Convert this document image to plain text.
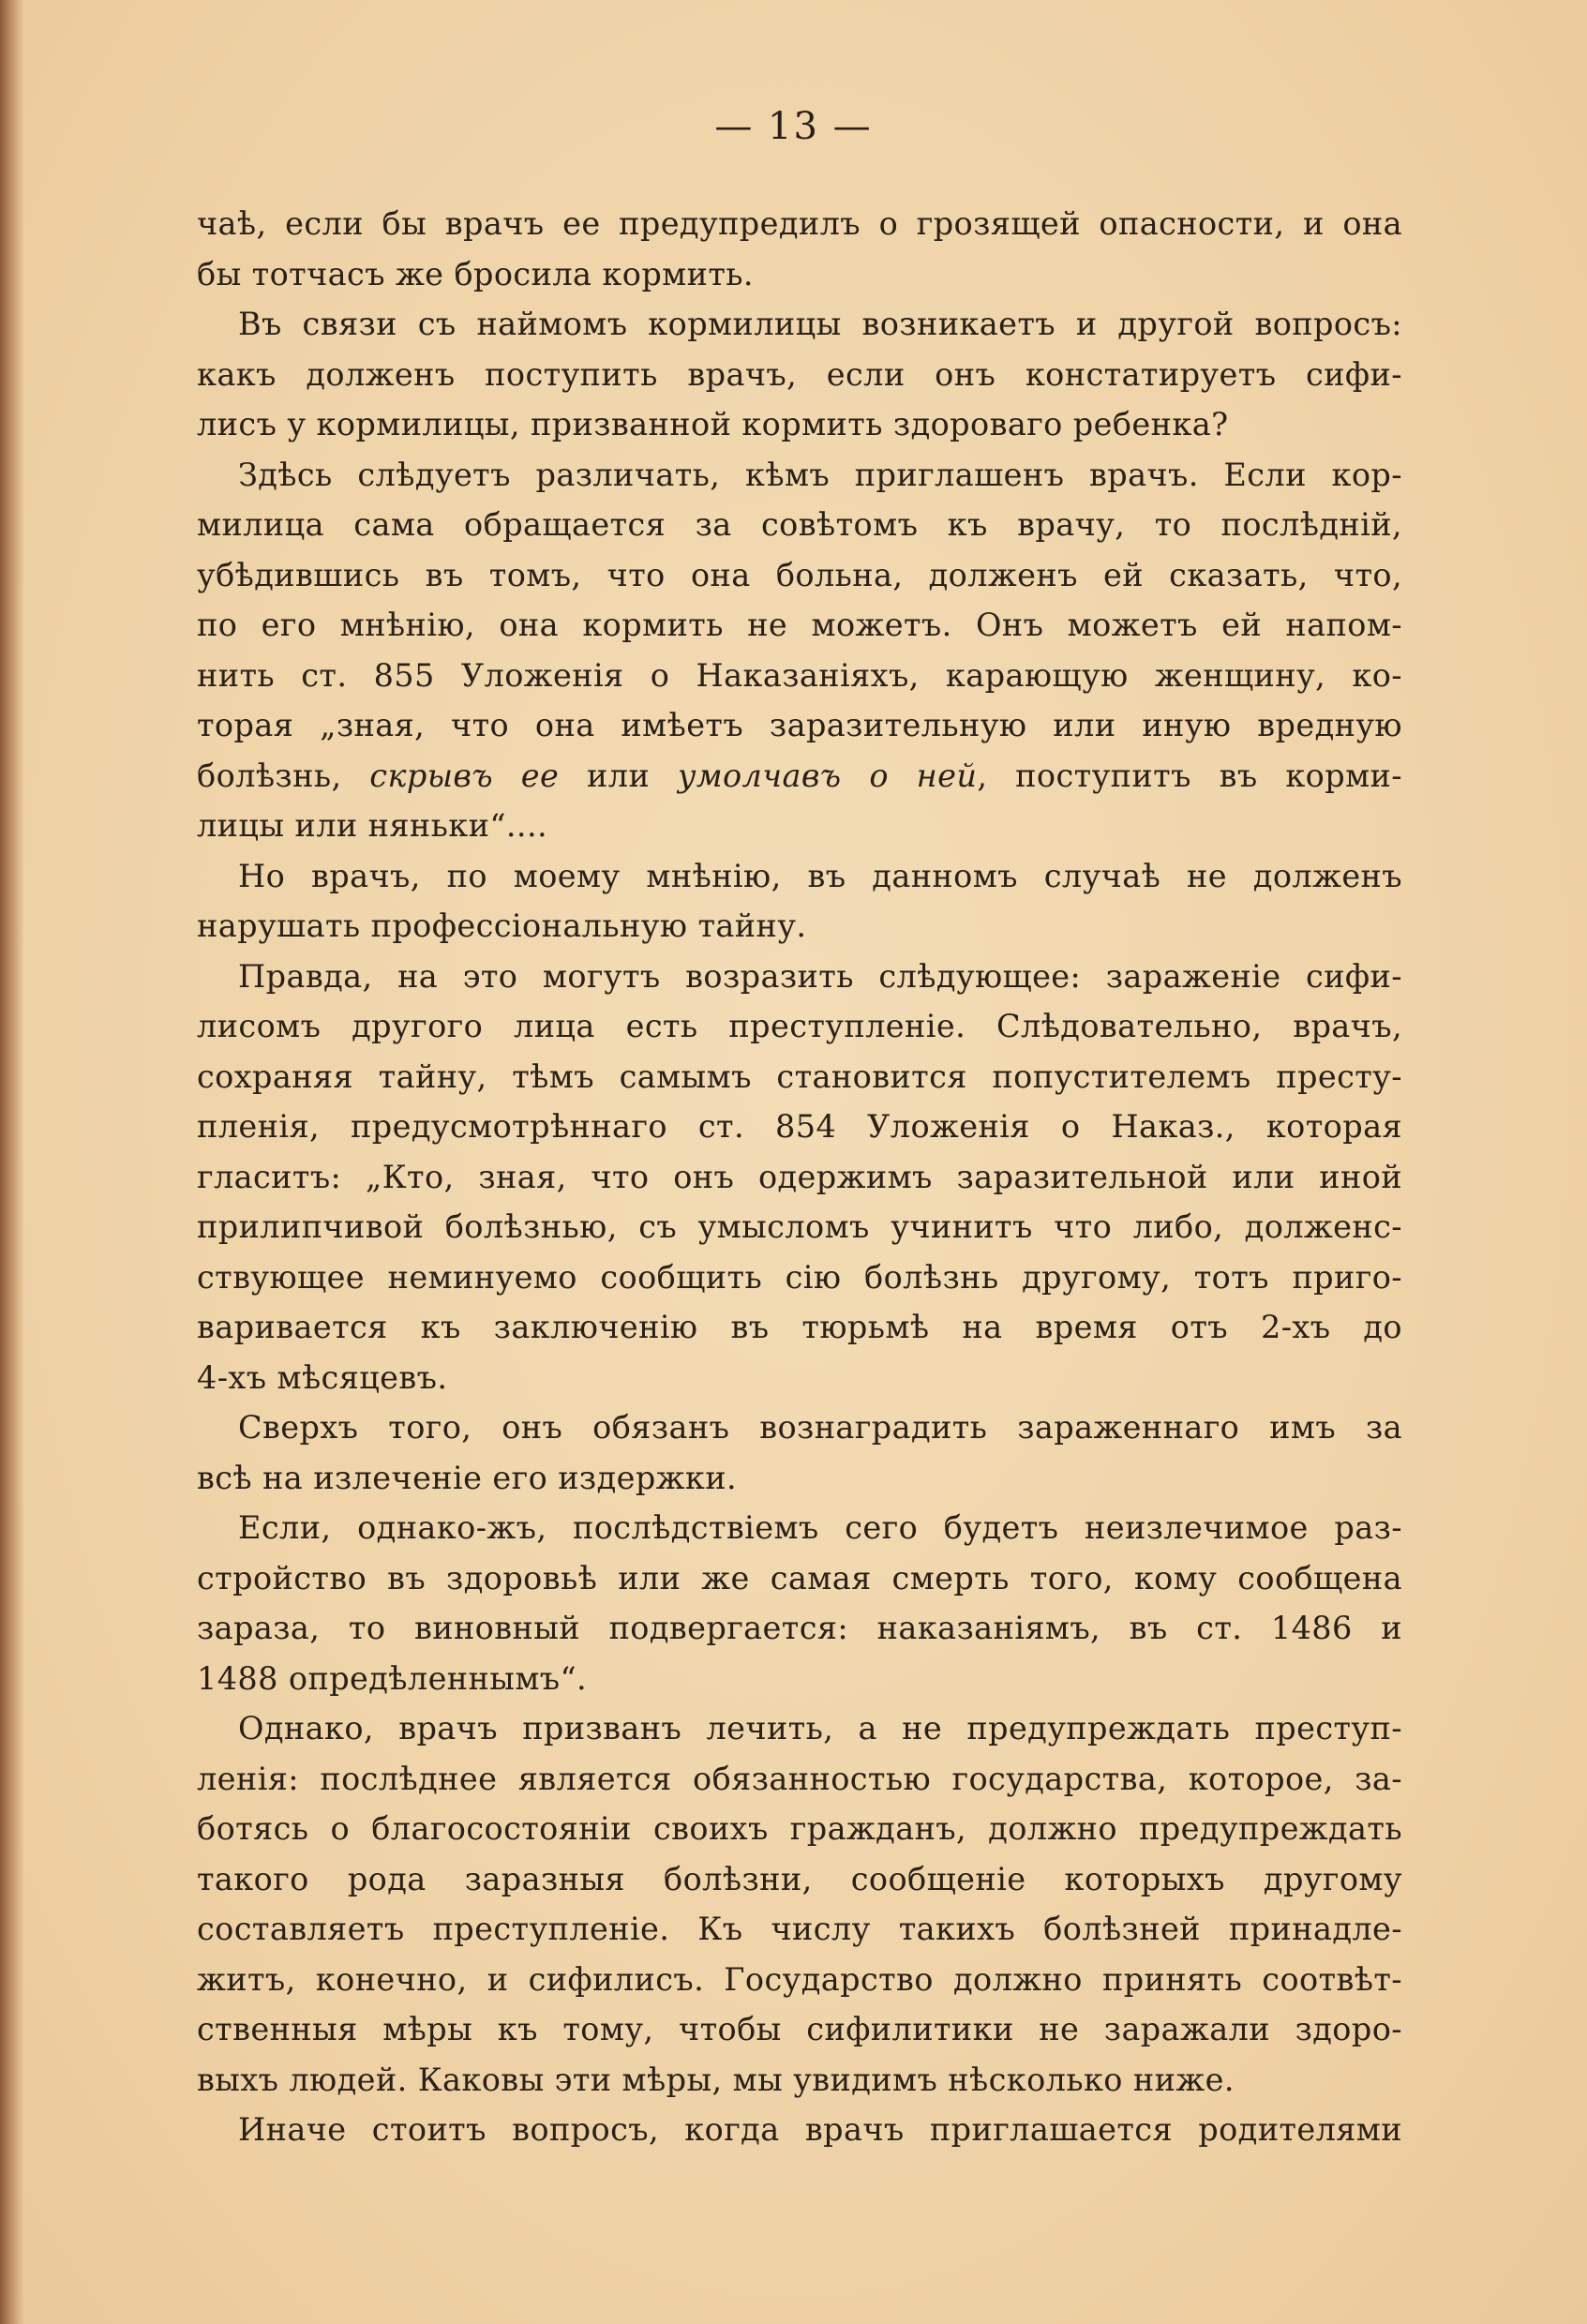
— 13 —
чаѣ, если бы врачъ ее предупредилъ о грозящей опасности, и она
бы тотчасъ же бросила кормить.
Въ связи съ наймомъ кормилицы возникаетъ и другой вопросъ:
какъ долженъ поступить врачъ, если онъ констатируетъ сифи-
лисъ у кормилицы, призванной кормить здороваго ребенка?
Здѣсь слѣдуетъ различать, кѣмъ приглашенъ врачъ. Если кор-
милица сама обращается за совѣтомъ къ врачу, то послѣдній,
убѣдившись въ томъ, что она больна, долженъ ей сказать, что,
по его мнѣнію, она кормить не можетъ. Онъ можетъ ей напом-
нить ст. 855 Уложенія о Наказаніяхъ, карающую женщину, ко-
торая „зная, что она имѣетъ заразительную или иную вредную
болѣзнь, скрывъ ее или умолчавъ о ней, поступитъ въ корми-
лицы или няньки“....
Но врачъ, по моему мнѣнію, въ данномъ случаѣ не долженъ
нарушать професcіональную тайну.
Правда, на это могутъ возразить слѣдующее: зараженіе сифи-
лисомъ другого лица есть преступленіе. Слѣдовательно, врачъ,
сохраняя тайну, тѣмъ самымъ становится попустителемъ престу-
пленія, предусмотрѣннаго ст. 854 Уложенія о Наказ., которая
гласитъ: „Кто, зная, что онъ одержимъ заразительной или иной
прилипчивой болѣзнью, съ умысломъ учинитъ что либо, долженс-
ствующее неминуемо сообщить сію болѣзнь другому, тотъ приго-
вариваетcя къ заключенію въ тюрьмѣ на время отъ 2-хъ до
4-хъ мѣсяцевъ.
Сверхъ того, онъ обязанъ вознаградить зараженнаго имъ за
всѣ на излеченіе его издержки.
Если, однако-жъ, послѣдствіемъ сего будетъ неизлечимое раз-
стройство въ здоровьѣ или же самая смерть того, кому сообщена
зараза, то виновный подвергается: наказаніямъ, въ ст. 1486 и
1488 опредѣленнымъ“.
Однако, врачъ призванъ лечить, а не предупреждать преступ-
ленія: послѣднее является обязанностью государства, которое, за-
ботясь о благосостояніи своихъ гражданъ, должно предупреждать
такого рода заразныя болѣзни, сообщеніе которыхъ другому
составляетъ преступленіе. Къ числу такихъ болѣзней принадле-
житъ, конечно, и сифилисъ. Государство должно принять соотвѣт-
ственныя мѣры къ тому, чтобы сифилитики не заражали здоро-
выхъ людей. Каковы эти мѣры, мы увидимъ нѣсколько ниже.
Иначе стоитъ вопросъ, когда врачъ приглашается родителями
